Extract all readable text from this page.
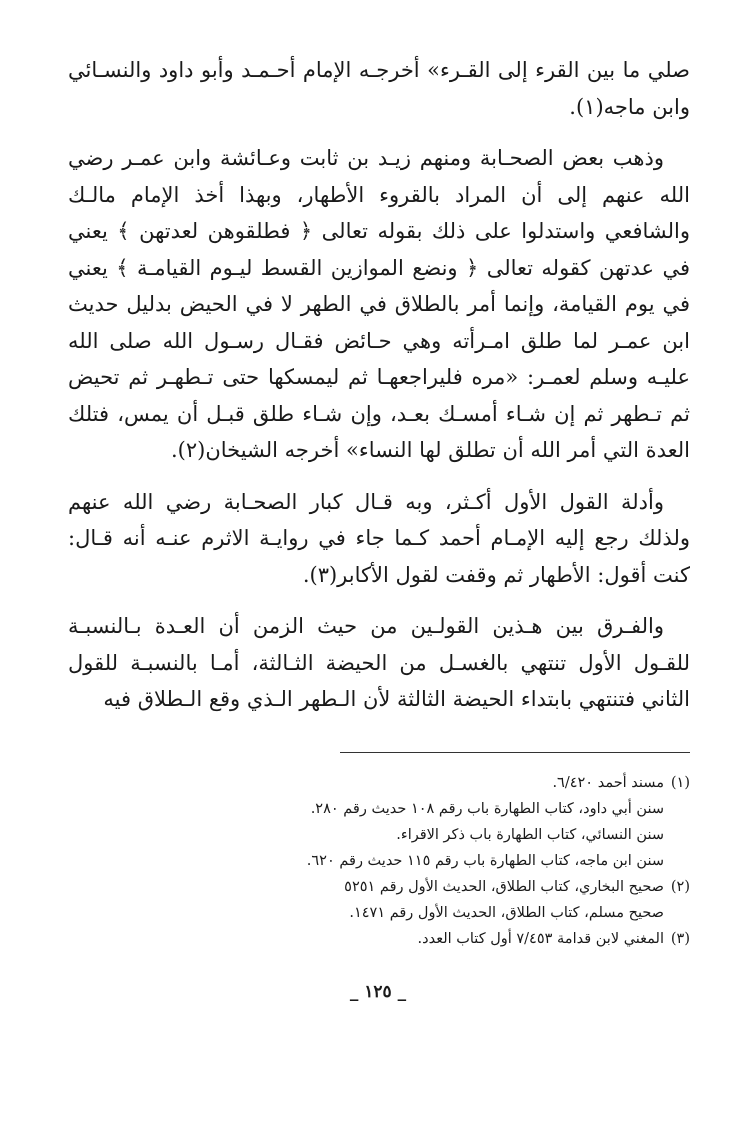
صلي ما بين القرء إلى القـرء» أخرجـه الإمام أحـمـد وأبو داود والنسـائي وابن ماجه(١).

وذهب بعض الصحـابة ومنهم زيـد بن ثابت وعـائشة وابن عمـر رضي الله عنهم إلى أن المراد بالقروء الأطهار، وبهذا أخذ الإمام مالـك والشافعي واستدلوا على ذلك بقوله تعالى ﴿ فطلقوهن لعدتهن ﴾ يعني في عدتهن كقوله تعالى ﴿ ونضع الموازين القسط ليـوم القيامـة ﴾ يعني في يوم القيامة، وإنما أمر بالطلاق في الطهر لا في الحيض بدليل حديث ابن عمـر لما طلق امـرأته وهي حـائض فقـال رسـول الله صلى الله عليـه وسلم لعمـر: «مره فليراجعهـا ثم ليمسكها حتى تـطهـر ثم تحيض ثم تـطهر ثم إن شـاء أمسـك بعـد، وإن شـاء طلق قبـل أن يمس، فتلك العدة التي أمر الله أن تطلق لها النساء» أخرجه الشيخان(٢).

وأدلة القول الأول أكـثر، وبه قـال كبار الصحـابة رضي الله عنهم ولذلك رجع إليه الإمـام أحمد كـما جاء في روايـة الاثرم عنـه أنه قـال: كنت أقول: الأطهار ثم وقفت لقول الأكابر(٣).

والفـرق بين هـذين القولـين من حيث الزمن أن العـدة بـالنسبـة للقـول الأول تنتهي بالغسـل من الحيضة الثـالثة، أمـا بالنسبـة للقول الثاني فتنتهي بابتداء الحيضة الثالثة لأن الـطهر الـذي وقع الـطلاق فيه

(١)مسند أحمد ٦/٤٢٠.

سنن أبي داود، كتاب الطهارة باب رقم ١٠٨ حديث رقم ٢٨٠.

سنن النسائي، كتاب الطهارة باب ذكر الاقراء.

سنن ابن ماجه، كتاب الطهارة باب رقم ١١٥ حديث رقم ٦٢٠.

(٢)صحيح البخاري، كتاب الطلاق، الحديث الأول رقم ٥٢٥١

صحيح مسلم، كتاب الطلاق، الحديث الأول رقم ١٤٧١.

(٣)المغني لابن قدامة ٧/٤٥٣ أول كتاب العدد.

_ ١٢٥ _
